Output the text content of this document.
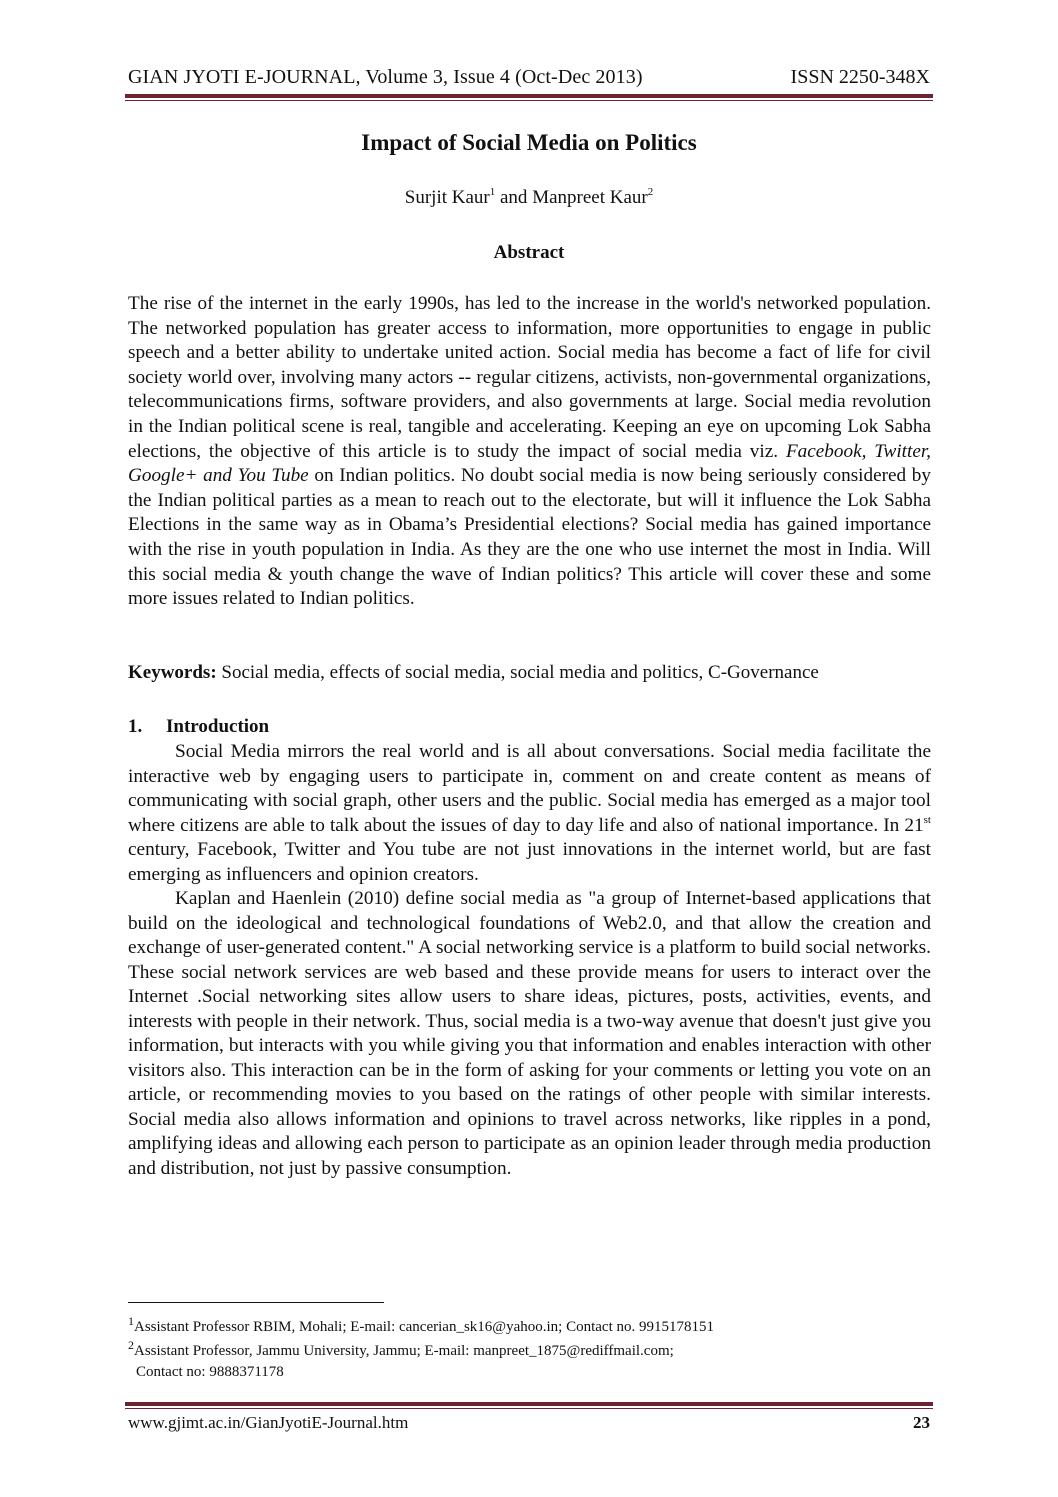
GIAN JYOTI E-JOURNAL, Volume 3, Issue 4 (Oct-Dec 2013)	ISSN 2250-348X
Impact of Social Media on Politics
Surjit Kaur$^1$ and Manpreet Kaur$^2$
Abstract
The rise of the internet in the early 1990s, has led to the increase in the world's networked population. The networked population has greater access to information, more opportunities to engage in public speech and a better ability to undertake united action. Social media has become a fact of life for civil society world over, involving many actors -- regular citizens, activists, non-governmental organizations, telecommunications firms, software providers, and also governments at large. Social media revolution in the Indian political scene is real, tangible and accelerating. Keeping an eye on upcoming Lok Sabha elections, the objective of this article is to study the impact of social media viz. Facebook, Twitter, Google+ and You Tube on Indian politics. No doubt social media is now being seriously considered by the Indian political parties as a mean to reach out to the electorate, but will it influence the Lok Sabha Elections in the same way as in Obama’s Presidential elections? Social media has gained importance with the rise in youth population in India. As they are the one who use internet the most in India. Will this social media & youth change the wave of Indian politics? This article will cover these and some more issues related to Indian politics.
Keywords: Social media, effects of social media, social media and politics, C-Governance
1. Introduction

Social Media mirrors the real world and is all about conversations. Social media facilitate the interactive web by engaging users to participate in, comment on and create content as means of communicating with social graph, other users and the public. Social media has emerged as a major tool where citizens are able to talk about the issues of day to day life and also of national importance. In 21st century, Facebook, Twitter and You tube are not just innovations in the internet world, but are fast emerging as influencers and opinion creators.

Kaplan and Haenlein (2010) define social media as "a group of Internet-based applications that build on the ideological and technological foundations of Web2.0, and that allow the creation and exchange of user-generated content." A social networking service is a platform to build social networks. These social network services are web based and these provide means for users to interact over the Internet .Social networking sites allow users to share ideas, pictures, posts, activities, events, and interests with people in their network. Thus, social media is a two-way avenue that doesn't just give you information, but interacts with you while giving you that information and enables interaction with other visitors also. This interaction can be in the form of asking for your comments or letting you vote on an article, or recommending movies to you based on the ratings of other people with similar interests. Social media also allows information and opinions to travel across networks, like ripples in a pond, amplifying ideas and allowing each person to participate as an opinion leader through media production and distribution, not just by passive consumption.

$^1$Assistant Professor RBIM, Mohali; E-mail: cancerian_sk16@yahoo.in; Contact no. 9915178151
$^2$Assistant Professor, Jammu University, Jammu; E-mail: manpreet_1875@rediffmail.com;
Contact no: 9888371178
www.gjimt.ac.in/GianJyotiE-Journal.htm	23
